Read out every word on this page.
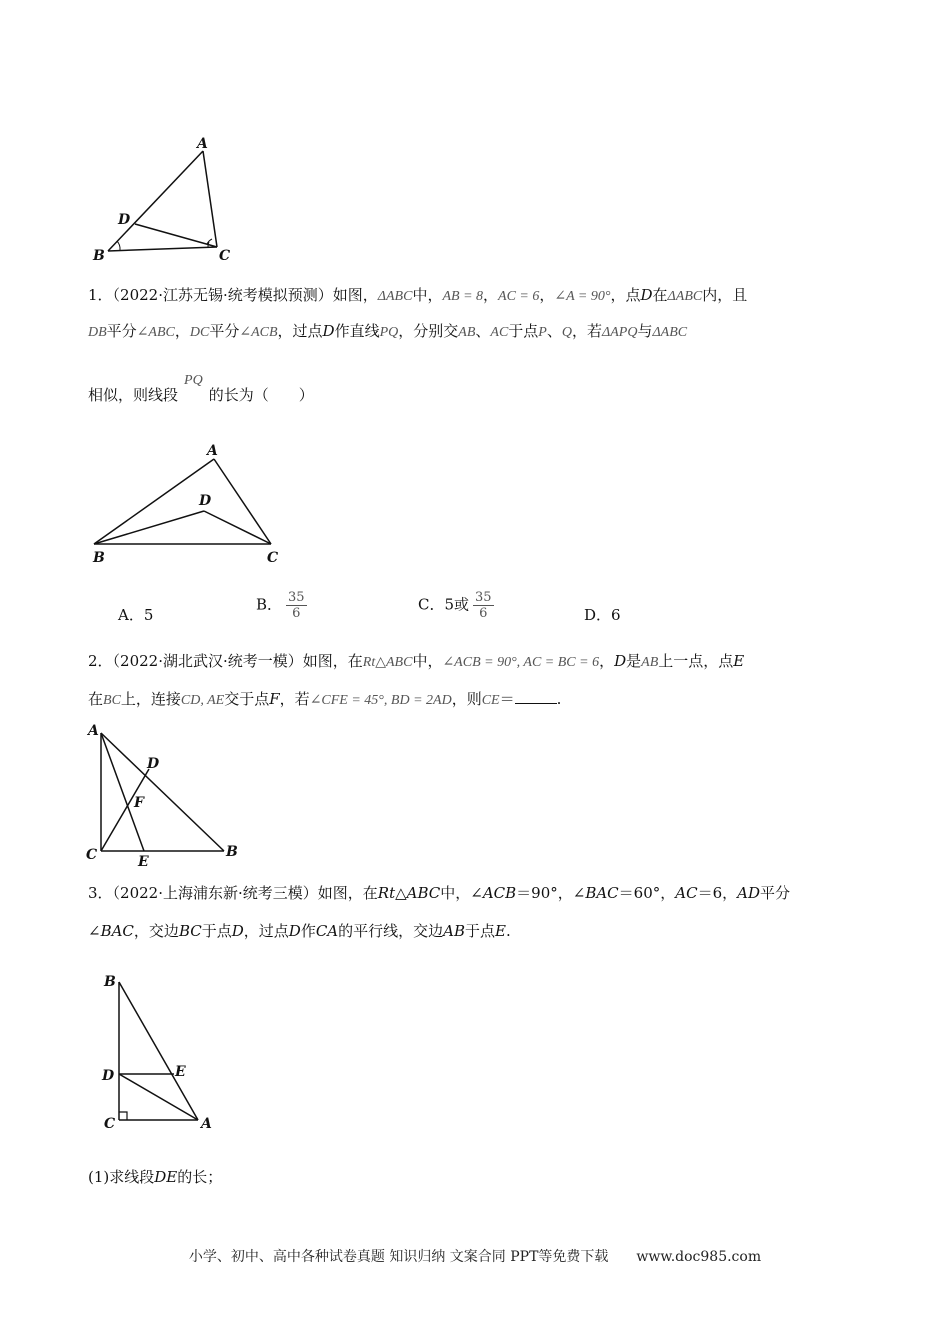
A
B	C
D
1．（2022·江苏无锡·统考模拟预测）如图，ΔABC中，AB = 8，AC = 6，∠A = 90°，点D在ΔABC内，且
DB平分∠ABC，DC平分∠ACB，过点D作直线PQ，分别交AB、AC于点P、Q，若ΔAPQ与ΔABC
相似，则线段PQ的长为（　　）
A
B	C
D
A．5
B． $\frac{35}{6}$	C．5或 $\frac{35}{6}$	D．6
2．（2022·湖北武汉·统考一模）如图，在Rt△ABC中，∠ACB = 90°, AC = BC = 6，D是AB上一点，点E
在BC上，连接CD, AE交于点F，若∠CFE = 45°, BD = 2AD，则CE＝	.
A
B
C
D
E
F
3．（2022·上海浦东新·统考三模）如图，在Rt△ABC中，∠ACB＝90°，∠BAC＝60°，AC＝6，AD平分
∠BAC，交边BC于点D，过点D作CA的平行线，交边AB于点E.
A
B
C
D	E
(1)求线段DE的长；
小学、初中、高中各种试卷真题 知识归纳 文案合同 PPT等免费下载　　www.doc985.com
